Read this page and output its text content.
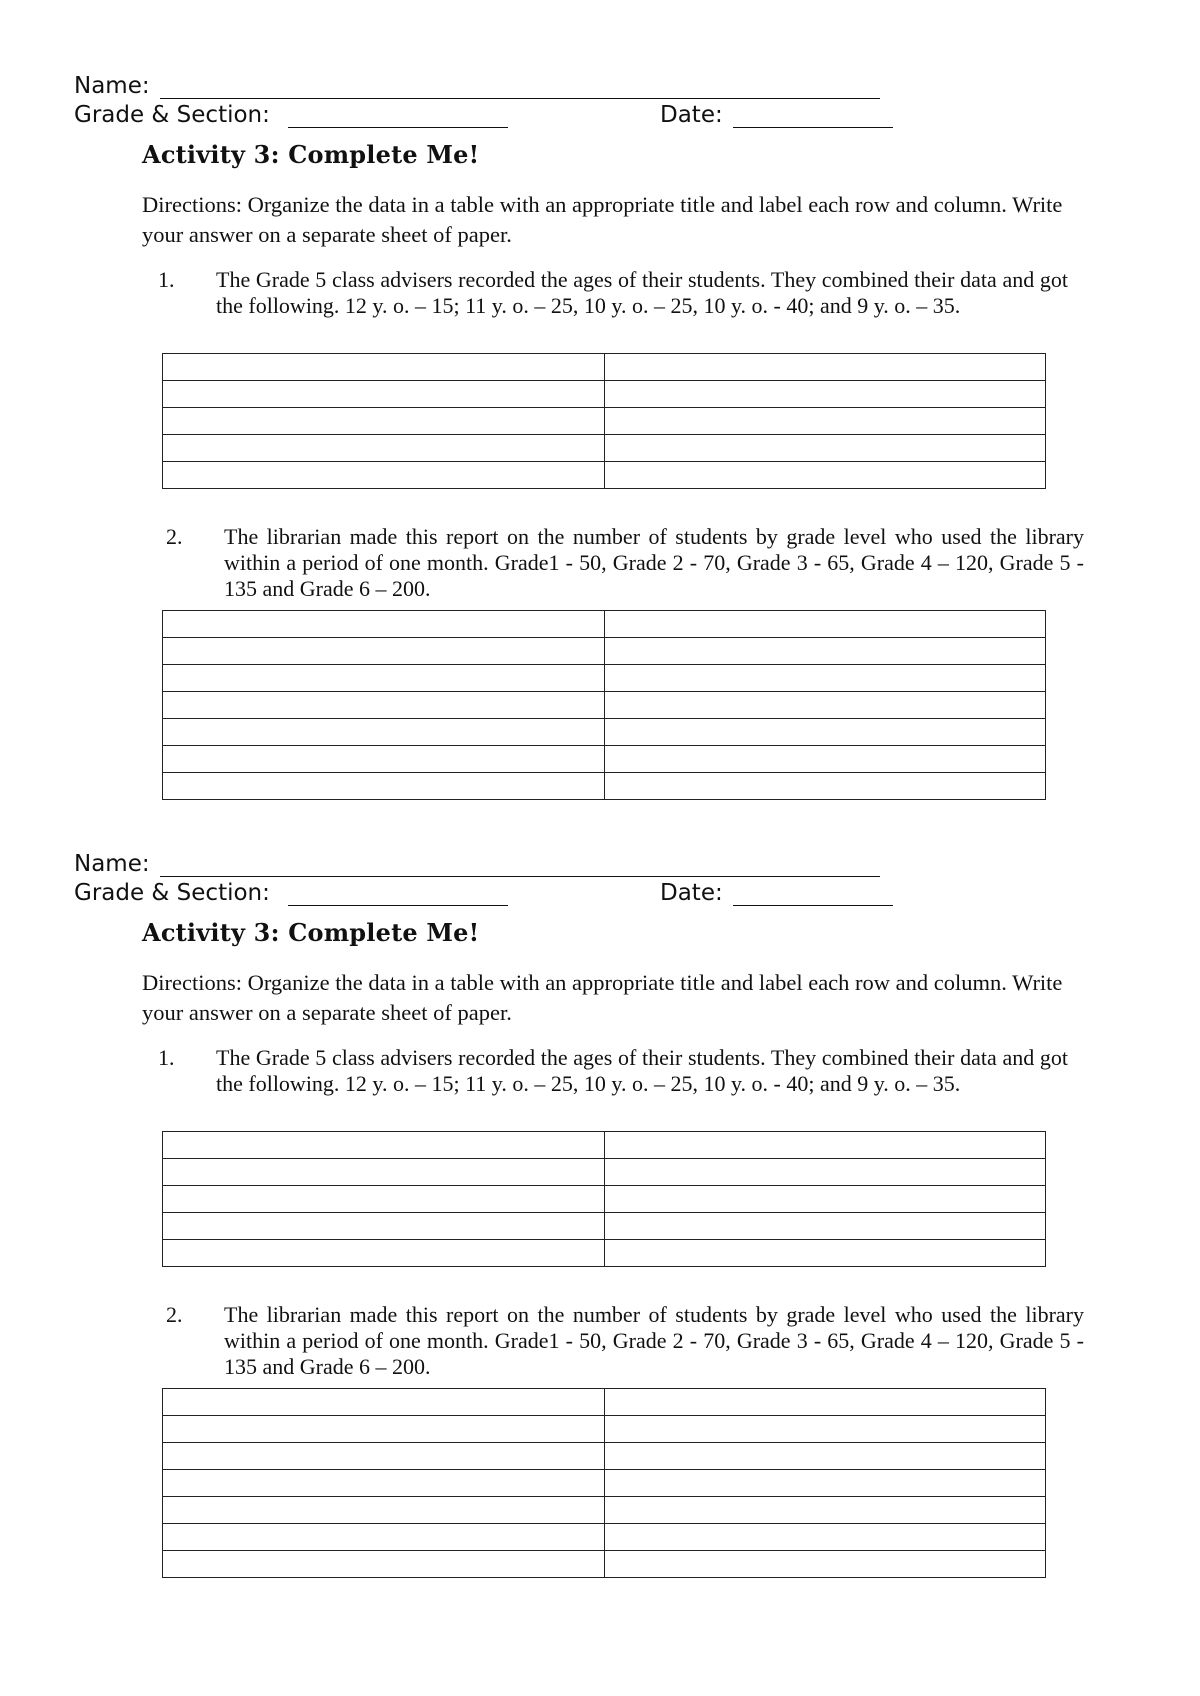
Name:
Grade & Section:	Date:
Activity 3: Complete Me!
Directions: Organize the data in a table with an appropriate title and label each row and column. Write your answer on a separate sheet of paper.
1. The Grade 5 class advisers recorded the ages of their students. They combined their data and got the following. 12 y. o. – 15; 11 y. o. – 25, 10 y. o. – 25, 10 y. o. - 40; and 9 y. o. – 35.

2. The librarian made this report on the number of students by grade level who used the library within a period of one month. Grade1 - 50, Grade 2 - 70, Grade 3 - 65, Grade 4 – 120, Grade 5 - 135 and Grade 6 – 200.

Name:
Grade & Section:	Date:
Activity 3: Complete Me!
Directions: Organize the data in a table with an appropriate title and label each row and column. Write your answer on a separate sheet of paper.
1. The Grade 5 class advisers recorded the ages of their students. They combined their data and got the following. 12 y. o. – 15; 11 y. o. – 25, 10 y. o. – 25, 10 y. o. - 40; and 9 y. o. – 35.

2. The librarian made this report on the number of students by grade level who used the library within a period of one month. Grade1 - 50, Grade 2 - 70, Grade 3 - 65, Grade 4 – 120, Grade 5 - 135 and Grade 6 – 200.
